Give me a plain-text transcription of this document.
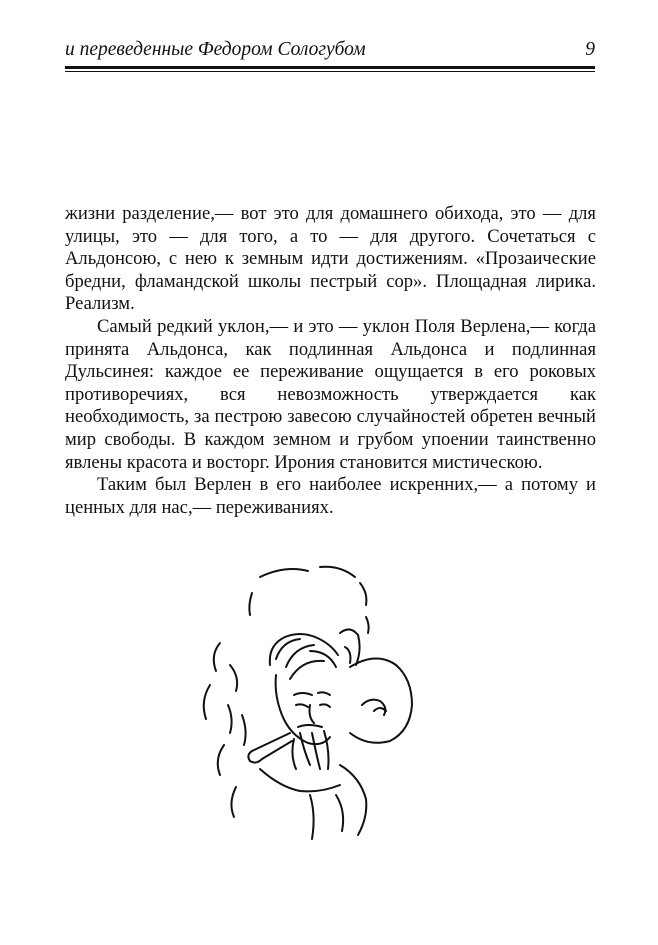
и переведенные Федором Сологубом	9

жизни разделение,— вот это для домашнего обихода, это — для улицы, это — для того, а то — для другого. Сочетаться с Альдонсою, с нею к земным идти достижениям. «Прозаические бредни, фламандской школы пестрый сор». Площадная лирика. Реализм.

Самый редкий уклон,— и это — уклон Поля Верлена,— когда принята Альдонса, как подлинная Альдонса и подлинная Дульсинея: каждое ее переживание ощущается в его роковых противоречиях, вся невозможность утверждается как необходимость, за пестрою завесою случайностей обретен вечный мир свободы. В каждом земном и грубом упоении таинственно явлены красота и восторг. Ирония становится мистическою.

Таким был Верлен в его наиболее искренних,— а потому и ценных для нас,— переживаниях.
